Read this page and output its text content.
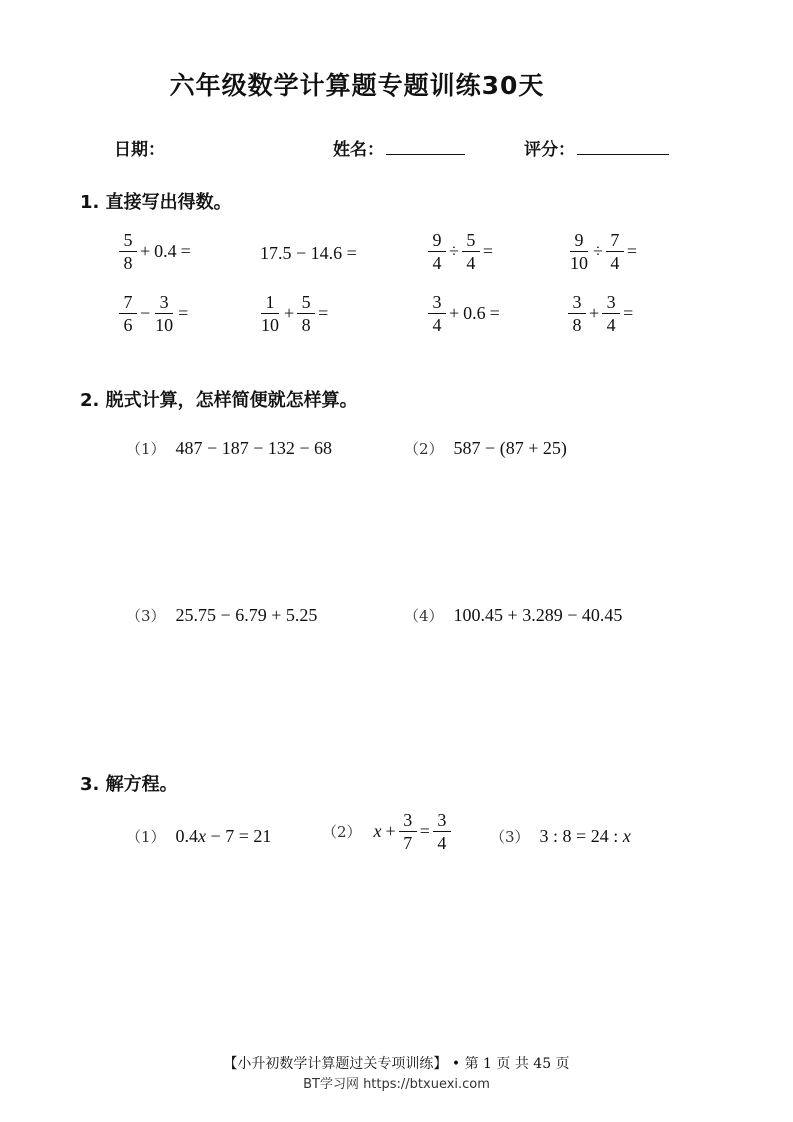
六年级数学计算题专题训练30天
日期：	姓名：	评分：
1. 直接写出得数。
$\frac{5}{8} + 0.4$ =	17.5 − 14.6 =	$\frac{9}{4} \div \frac{5}{4}$ =	$\frac{9}{10} \div \frac{7}{4}$ =
$\frac{7}{6} - \frac{3}{10}$ =	$\frac{1}{10} + \frac{5}{8}$ =	$\frac{3}{4} + 0.6$ =	$\frac{3}{8} + \frac{3}{4}$ =
2. 脱式计算，怎样简便就怎样算。
（1） 487 − 187 − 132 − 68	（2） 587 − (87 + 25)
（3） 25.75 − 6.79 + 5.25	（4） 100.45 + 3.289 − 40.45
3. 解方程。
（1） 0.4x − 7 = 21	（2） $x + \frac{3}{7} = \frac{3}{4}$	（3） 3 : 8 = 24 : x
【小升初数学计算题过关专项训练】 • 第 1 页 共 45 页
BT学习网 https://btxuexi.com
